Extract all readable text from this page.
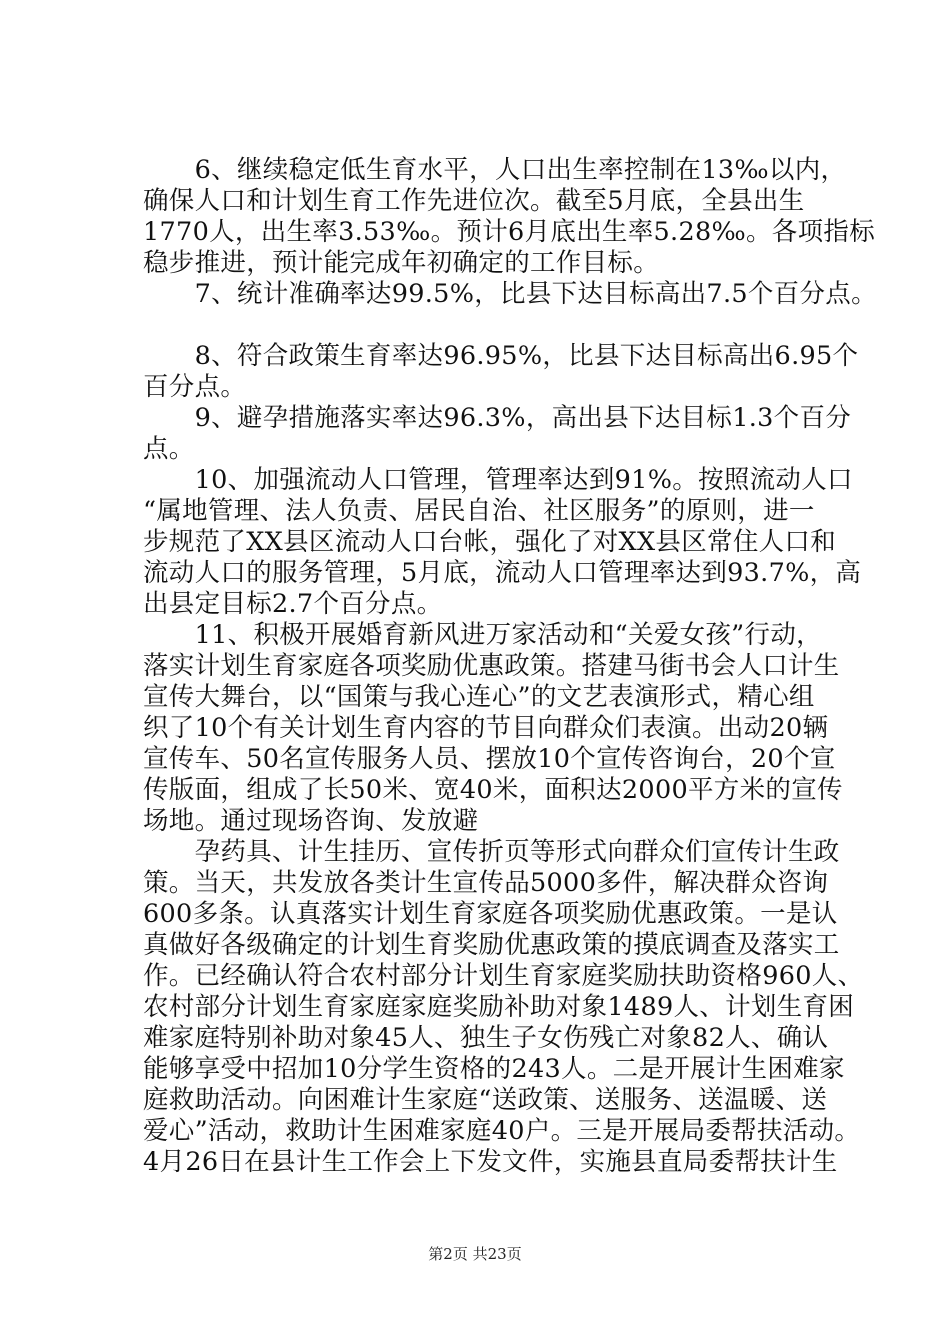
　　6、继续稳定低生育水平，人口出生率控制在13‰以内，
确保人口和计划生育工作先进位次。截至5月底，全县出生
1770人，出生率3.53‰。预计6月底出生率5.28‰。各项指标
稳步推进，预计能完成年初确定的工作目标。
　　7、统计准确率达99.5%，比县下达目标高出7.5个百分点。
　　8、符合政策生育率达96.95%，比县下达目标高出6.95个
百分点。
　　9、避孕措施落实率达96.3%，高出县下达目标1.3个百分
点。
　　10、加强流动人口管理，管理率达到91%。按照流动人口
“属地管理、法人负责、居民自治、社区服务”的原则，进一
步规范了XX县区流动人口台帐，强化了对XX县区常住人口和
流动人口的服务管理，5月底，流动人口管理率达到93.7%，高
出县定目标2.7个百分点。
　　11、积极开展婚育新风进万家活动和“关爱女孩”行动，
落实计划生育家庭各项奖励优惠政策。搭建马街书会人口计生
宣传大舞台，以“国策与我心连心”的文艺表演形式，精心组
织了10个有关计划生育内容的节目向群众们表演。出动20辆
宣传车、50名宣传服务人员、摆放10个宣传咨询台，20个宣
传版面，组成了长50米、宽40米，面积达2000平方米的宣传
场地。通过现场咨询、发放避
　　孕药具、计生挂历、宣传折页等形式向群众们宣传计生政
策。当天，共发放各类计生宣传品5000多件，解决群众咨询
600多条。认真落实计划生育家庭各项奖励优惠政策。一是认
真做好各级确定的计划生育奖励优惠政策的摸底调查及落实工
作。已经确认符合农村部分计划生育家庭奖励扶助资格960人、
农村部分计划生育家庭家庭奖励补助对象1489人、计划生育困
难家庭特别补助对象45人、独生子女伤残亡对象82人、确认
能够享受中招加10分学生资格的243人。二是开展计生困难家
庭救助活动。向困难计生家庭“送政策、送服务、送温暖、送
爱心”活动，救助计生困难家庭40户。三是开展局委帮扶活动。
4月26日在县计生工作会上下发文件，实施县直局委帮扶计生
第2页 共23页
